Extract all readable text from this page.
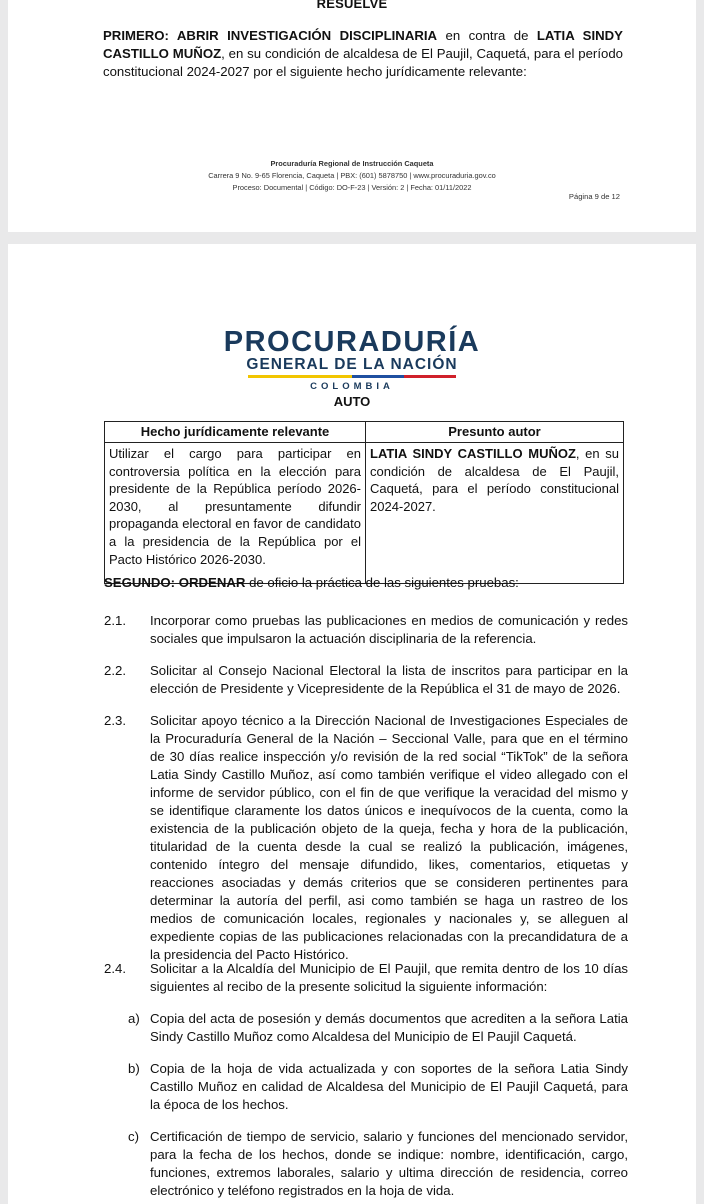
RESUELVE
PRIMERO: ABRIR INVESTIGACIÓN DISCIPLINARIA en contra de LATIA SINDY CASTILLO MUÑOZ, en su condición de alcaldesa de El Paujil, Caquetá, para el período constitucional 2024-2027 por el siguiente hecho jurídicamente relevante:
Procuraduría Regional de Instrucción Caqueta
Carrera 9 No. 9-65 Florencia, Caqueta | PBX: (601) 5878750 | www.procuraduria.gov.co
Proceso: Documental | Código: DO-F-23 | Versión: 2 | Fecha: 01/11/2022
Página 9 de 12
PROCURADURÍA
GENERAL DE LA NACIÓN
COLOMBIA
AUTO
Hecho jurídicamente relevante	Presunto autor
Utilizar el cargo para participar en controversia política en la elección para presidente de la República período 2026-2030, al presuntamente difundir propaganda electoral en favor de candidato a la presidencia de la República por el Pacto Histórico 2026-2030.	LATIA SINDY CASTILLO MUÑOZ, en su condición de alcaldesa de El Paujil, Caquetá, para el período constitucional 2024-2027.
SEGUNDO: ORDENAR de oficio la práctica de las siguientes pruebas:
2.1.	Incorporar como pruebas las publicaciones en medios de comunicación y redes sociales que impulsaron la actuación disciplinaria de la referencia.
2.2.	Solicitar al Consejo Nacional Electoral la lista de inscritos para participar en la elección de Presidente y Vicepresidente de la República el 31 de mayo de 2026.
2.3.	Solicitar apoyo técnico a la Dirección Nacional de Investigaciones Especiales de la Procuraduría General de la Nación – Seccional Valle, para que en el término de 30 días realice inspección y/o revisión de la red social “TikTok” de la señora Latia Sindy Castillo Muñoz, así como también verifique el video allegado con el informe de servidor público, con el fin de que verifique la veracidad del mismo y se identifique claramente los datos únicos e inequívocos de la cuenta, como la existencia de la publicación objeto de la queja, fecha y hora de la publicación, titularidad de la cuenta desde la cual se realizó la publicación, imágenes, contenido íntegro del mensaje difundido, likes, comentarios, etiquetas y reacciones asociadas y demás criterios que se consideren pertinentes para determinar la autoría del perfil, asi como también se haga un rastreo de los medios de comunicación locales, regionales y nacionales y, se alleguen al expediente copias de las publicaciones relacionadas con la precandidatura de a la presidencia del Pacto Histórico.
2.4.	Solicitar a la Alcaldía del Municipio de El Paujil, que remita dentro de los 10 días siguientes al recibo de la presente solicitud la siguiente información:
a) Copia del acta de posesión y demás documentos que acrediten a la señora Latia Sindy Castillo Muñoz como Alcaldesa del Municipio de El Paujil Caquetá.
b) Copia de la hoja de vida actualizada y con soportes de la señora Latia Sindy Castillo Muñoz en calidad de Alcaldesa del Municipio de El Paujil Caquetá, para la época de los hechos.
c) Certificación de tiempo de servicio, salario y funciones del mencionado servidor, para la fecha de los hechos, donde se indique: nombre, identificación, cargo, funciones, extremos laborales, salario y ultima dirección de residencia, correo electrónico y teléfono registrados en la hoja de vida.
